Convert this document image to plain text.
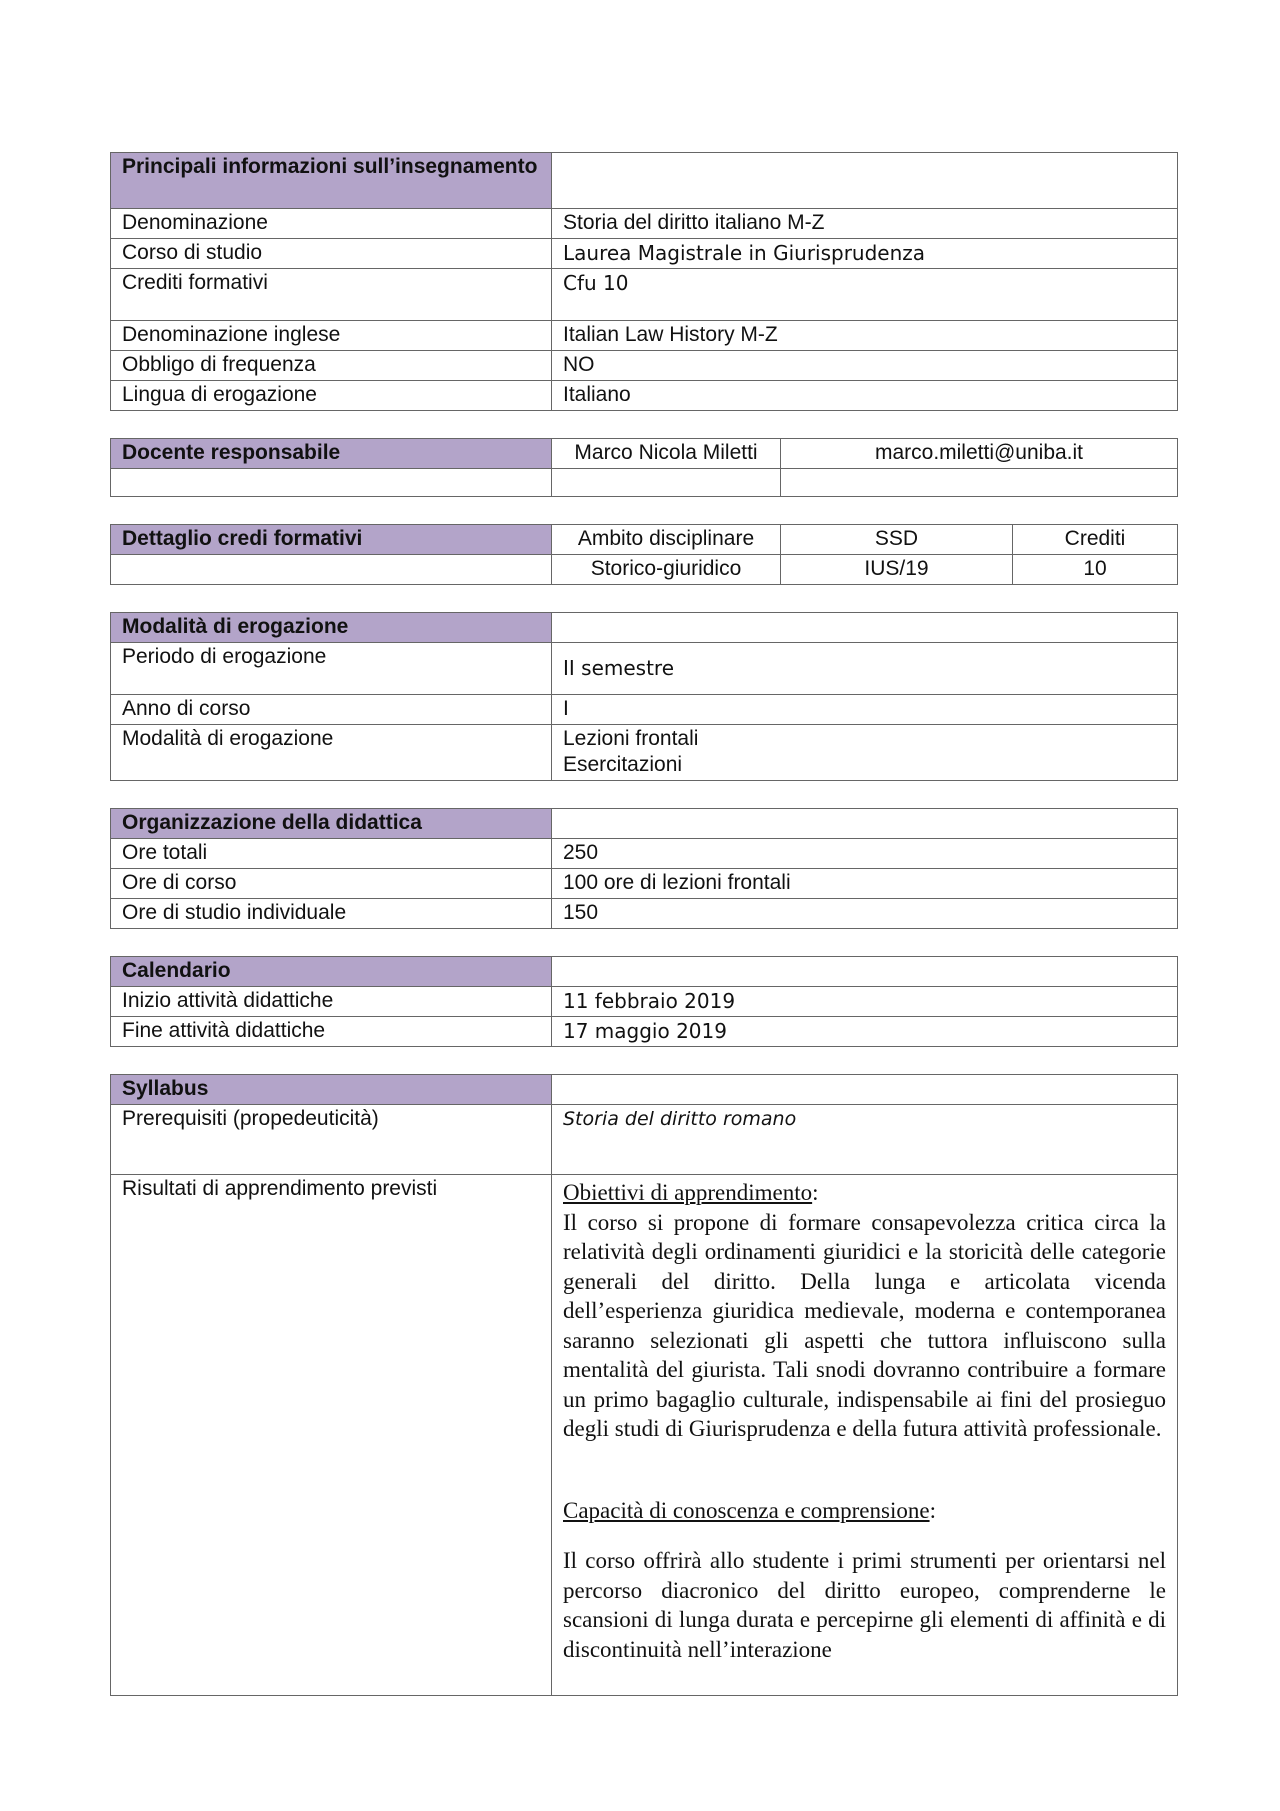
Principali informazioni sull’insegnamento	
Denominazione	Storia del diritto italiano M-Z
Corso di studio	Laurea Magistrale in Giurisprudenza
Crediti formativi	Cfu 10
Denominazione inglese	Italian Law History M-Z
Obbligo di frequenza	NO
Lingua di erogazione	Italiano
Docente responsabile	Marco Nicola Miletti	marco.miletti@uniba.it

Dettaglio credi formativi	Ambito disciplinare	SSD	Crediti
	Storico-giuridico	IUS/19	10
Modalità di erogazione	
Periodo di erogazione	II semestre
Anno di corso	I
Modalità di erogazione	Lezioni frontali
Esercitazioni
Organizzazione della didattica	
Ore totali	250
Ore di corso	100 ore di lezioni frontali
Ore di studio individuale	150
Calendario	
Inizio attività didattiche	11 febbraio 2019
Fine attività didattiche	17 maggio 2019
Syllabus	
Prerequisiti (propedeuticità)	Storia del diritto romano
Risultati di apprendimento previsti	Obiettivi di apprendimento:
Il corso si propone di formare consapevolezza critica circa la relatività degli ordinamenti giuridici e la storicità delle categorie generali del diritto. Della lunga e articolata vicenda dell’esperienza giuridica medievale, moderna e contemporanea saranno selezionati gli aspetti che tuttora influiscono sulla mentalità del giurista. Tali snodi dovranno contribuire a formare un primo bagaglio culturale, indispensabile ai fini del prosieguo degli studi di Giurisprudenza e della futura attività professionale.
Capacità di conoscenza e comprensione:
Il corso offrirà allo studente i primi strumenti per orientarsi nel percorso diacronico del diritto europeo, comprenderne le scansioni di lunga durata e percepirne gli elementi di affinità e di discontinuità nell’interazione
